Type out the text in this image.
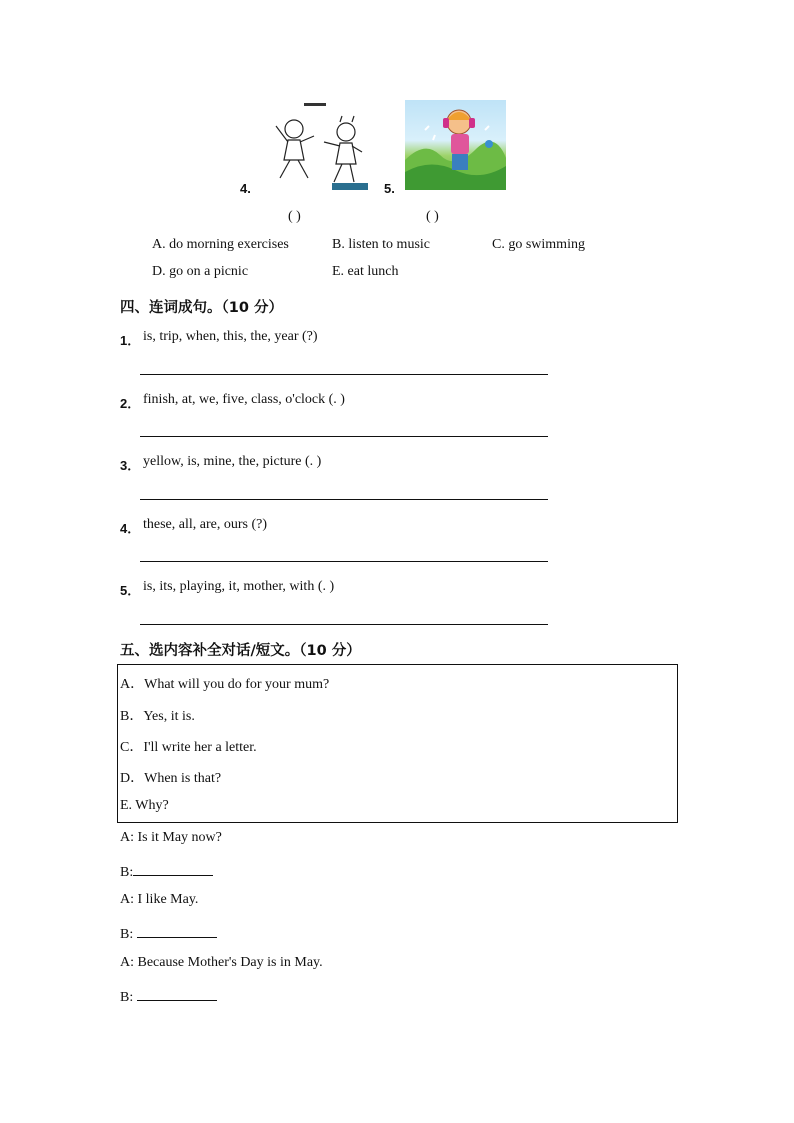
4.	5.
( )	( )
A. do morning exercises	B. listen to music	C. go swimming
D. go on a picnic	E. eat lunch
四、连词成句。（10 分）
1． is, trip, when, this, the, year (?)
2． finish, at, we, five, class, o'clock (. )
3． yellow, is, mine, the, picture (. )
4． these, all, are, ours (?)
5． is, its, playing, it, mother, with (. )
五、选内容补全对话/短文。（10 分）
A．What will you do for your mum?
B．Yes, it is.
C．I'll write her a letter.
D．When is that?
E. Why?
A: Is it May now?
B:
A: I like May.
B:
A: Because Mother's Day is in May.
B:
